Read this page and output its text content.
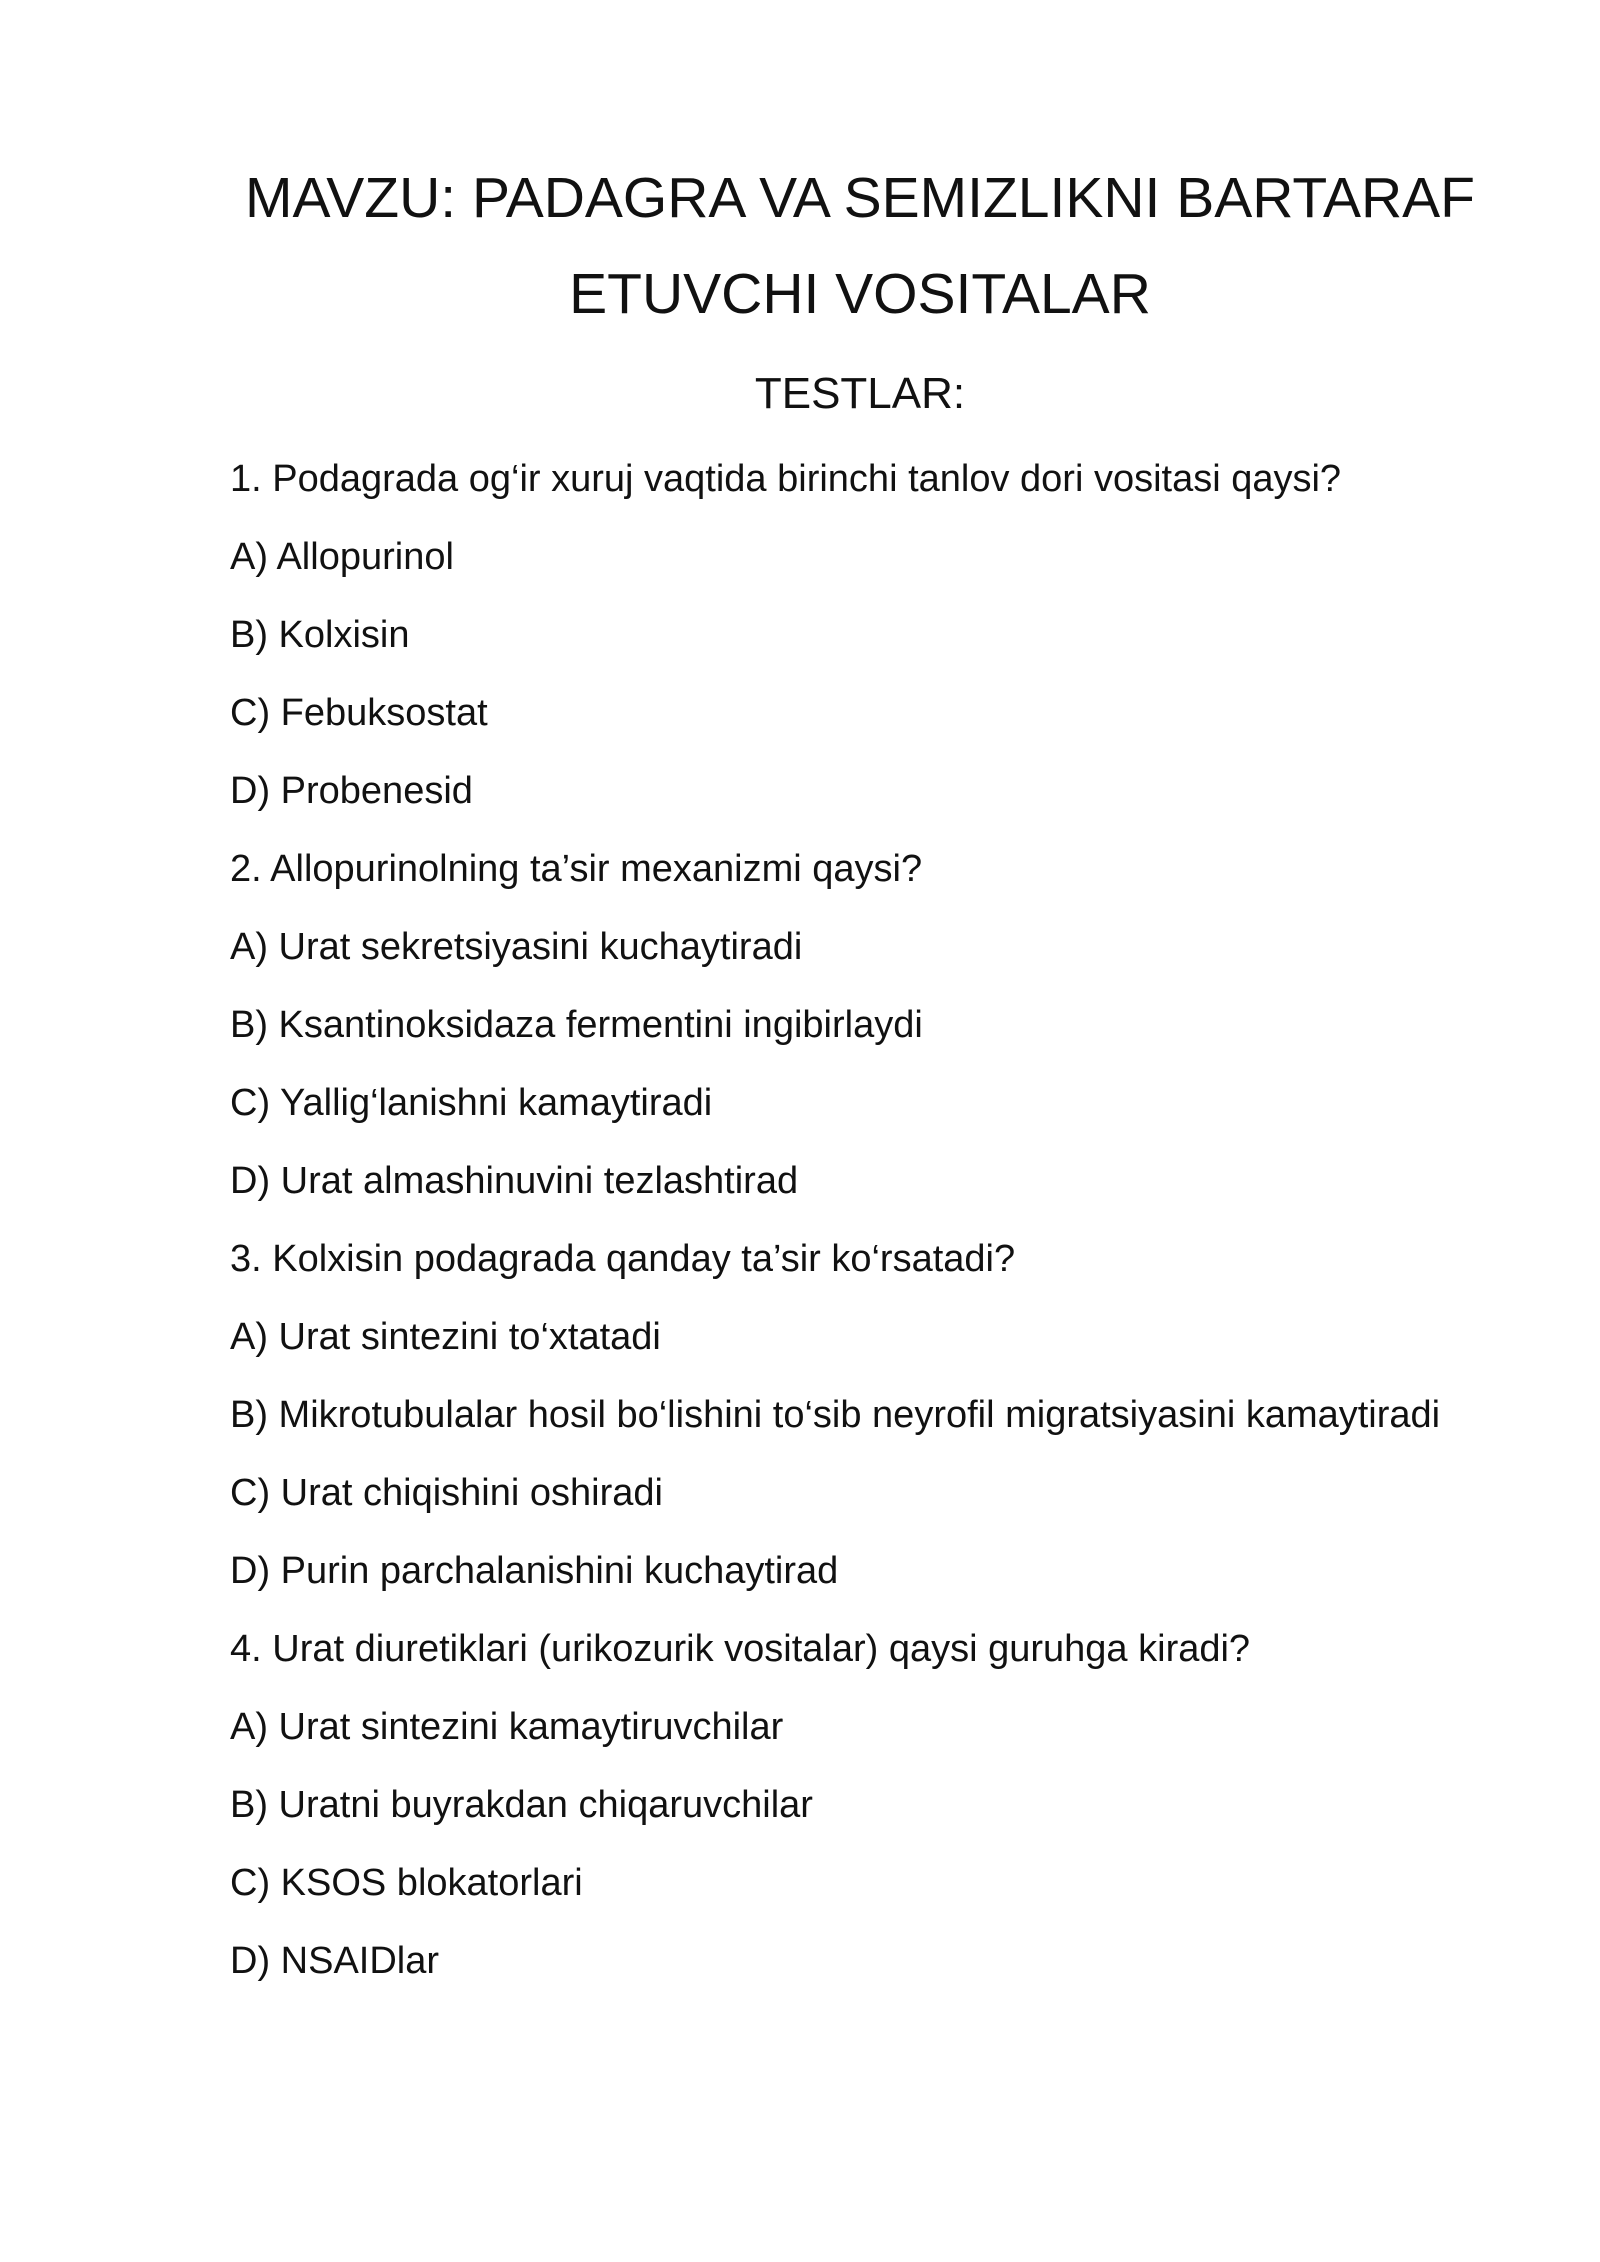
MAVZU: PADAGRA VA SEMIZLIKNI BARTARAF ETUVCHI VOSITALAR
TESTLAR:

1. Podagrada og‘ir xuruj vaqtida birinchi tanlov dori vositasi qaysi?

A) Allopurinol

B) Kolxisin

C) Febuksostat

D) Probenesid

2. Allopurinolning ta’sir mexanizmi qaysi?

A) Urat sekretsiyasini kuchaytiradi

B) Ksantinoksidaza fermentini ingibirlaydi

C) Yallig‘lanishni kamaytiradi

D) Urat almashinuvini tezlashtirad

3. Kolxisin podagrada qanday ta’sir ko‘rsatadi?

A) Urat sintezini to‘xtatadi

B) Mikrotubulalar hosil bo‘lishini to‘sib neyrofil migratsiyasini kamaytiradi

C) Urat chiqishini oshiradi

D) Purin parchalanishini kuchaytirad

4. Urat diuretiklari (urikozurik vositalar) qaysi guruhga kiradi?

A) Urat sintezini kamaytiruvchilar

B) Uratni buyrakdan chiqaruvchilar

C) KSOS blokatorlari

D) NSAIDlar
